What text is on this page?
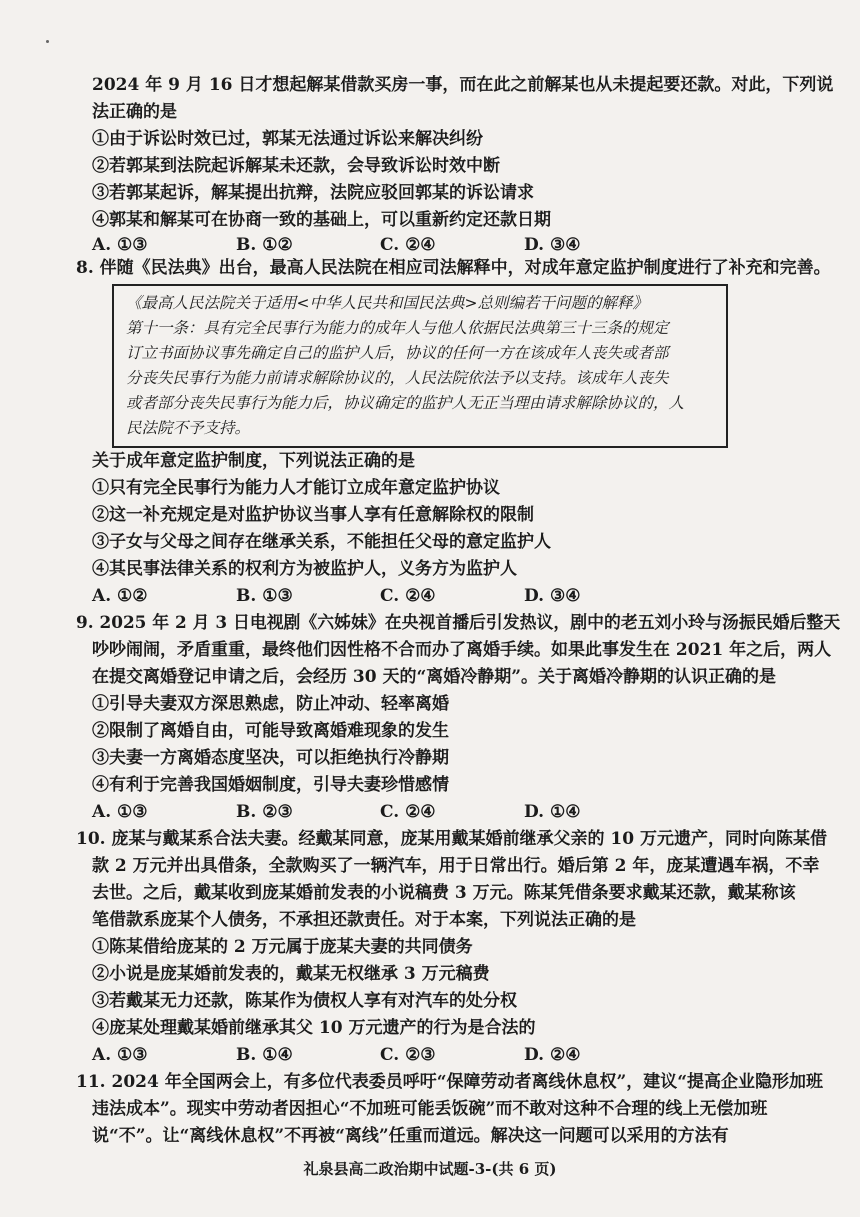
2024 年 9 月 16 日才想起解某借款买房一事，而在此之前解某也从未提起要还款。对此，下列说
法正确的是
①由于诉讼时效已过，郭某无法通过诉讼来解决纠纷
②若郭某到法院起诉解某未还款，会导致诉讼时效中断
③若郭某起诉，解某提出抗辩，法院应驳回郭某的诉讼请求
④郭某和解某可在协商一致的基础上，可以重新约定还款日期
A. ①③	B. ①②	C. ②④	D. ③④
8. 伴随《民法典》出台，最高人民法院在相应司法解释中，对成年意定监护制度进行了补充和完善。
《最高人民法院关于适用<中华人民共和国民法典>总则编若干问题的解释》
第十一条：具有完全民事行为能力的成年人与他人依据民法典第三十三条的规定
订立书面协议事先确定自己的监护人后，协议的任何一方在该成年人丧失或者部
分丧失民事行为能力前请求解除协议的，人民法院依法予以支持。该成年人丧失
或者部分丧失民事行为能力后，协议确定的监护人无正当理由请求解除协议的，人
民法院不予支持。
关于成年意定监护制度，下列说法正确的是
①只有完全民事行为能力人才能订立成年意定监护协议
②这一补充规定是对监护协议当事人享有任意解除权的限制
③子女与父母之间存在继承关系，不能担任父母的意定监护人
④其民事法律关系的权利方为被监护人，义务方为监护人
A. ①②	B. ①③	C. ②④	D. ③④
9. 2025 年 2 月 3 日电视剧《六姊妹》在央视首播后引发热议，剧中的老五刘小玲与汤振民婚后整天
吵吵闹闹，矛盾重重，最终他们因性格不合而办了离婚手续。如果此事发生在 2021 年之后，两人
在提交离婚登记申请之后，会经历 30 天的“离婚冷静期”。关于离婚冷静期的认识正确的是
①引导夫妻双方深思熟虑，防止冲动、轻率离婚
②限制了离婚自由，可能导致离婚难现象的发生
③夫妻一方离婚态度坚决，可以拒绝执行冷静期
④有利于完善我国婚姻制度，引导夫妻珍惜感情
A. ①③	B. ②③	C. ②④	D. ①④
10. 庞某与戴某系合法夫妻。经戴某同意，庞某用戴某婚前继承父亲的 10 万元遗产，同时向陈某借
款 2 万元并出具借条，全款购买了一辆汽车，用于日常出行。婚后第 2 年，庞某遭遇车祸，不幸
去世。之后，戴某收到庞某婚前发表的小说稿费 3 万元。陈某凭借条要求戴某还款，戴某称该
笔借款系庞某个人债务，不承担还款责任。对于本案，下列说法正确的是
①陈某借给庞某的 2 万元属于庞某夫妻的共同债务
②小说是庞某婚前发表的，戴某无权继承 3 万元稿费
③若戴某无力还款，陈某作为债权人享有对汽车的处分权
④庞某处理戴某婚前继承其父 10 万元遗产的行为是合法的
A. ①③	B. ①④	C. ②③	D. ②④
11. 2024 年全国两会上，有多位代表委员呼吁“保障劳动者离线休息权”，建议“提高企业隐形加班
违法成本”。现实中劳动者因担心“不加班可能丢饭碗”而不敢对这种不合理的线上无偿加班
说“不”。让“离线休息权”不再被“离线”任重而道远。解决这一问题可以采用的方法有
礼泉县高二政治期中试题-3-(共 6 页)
